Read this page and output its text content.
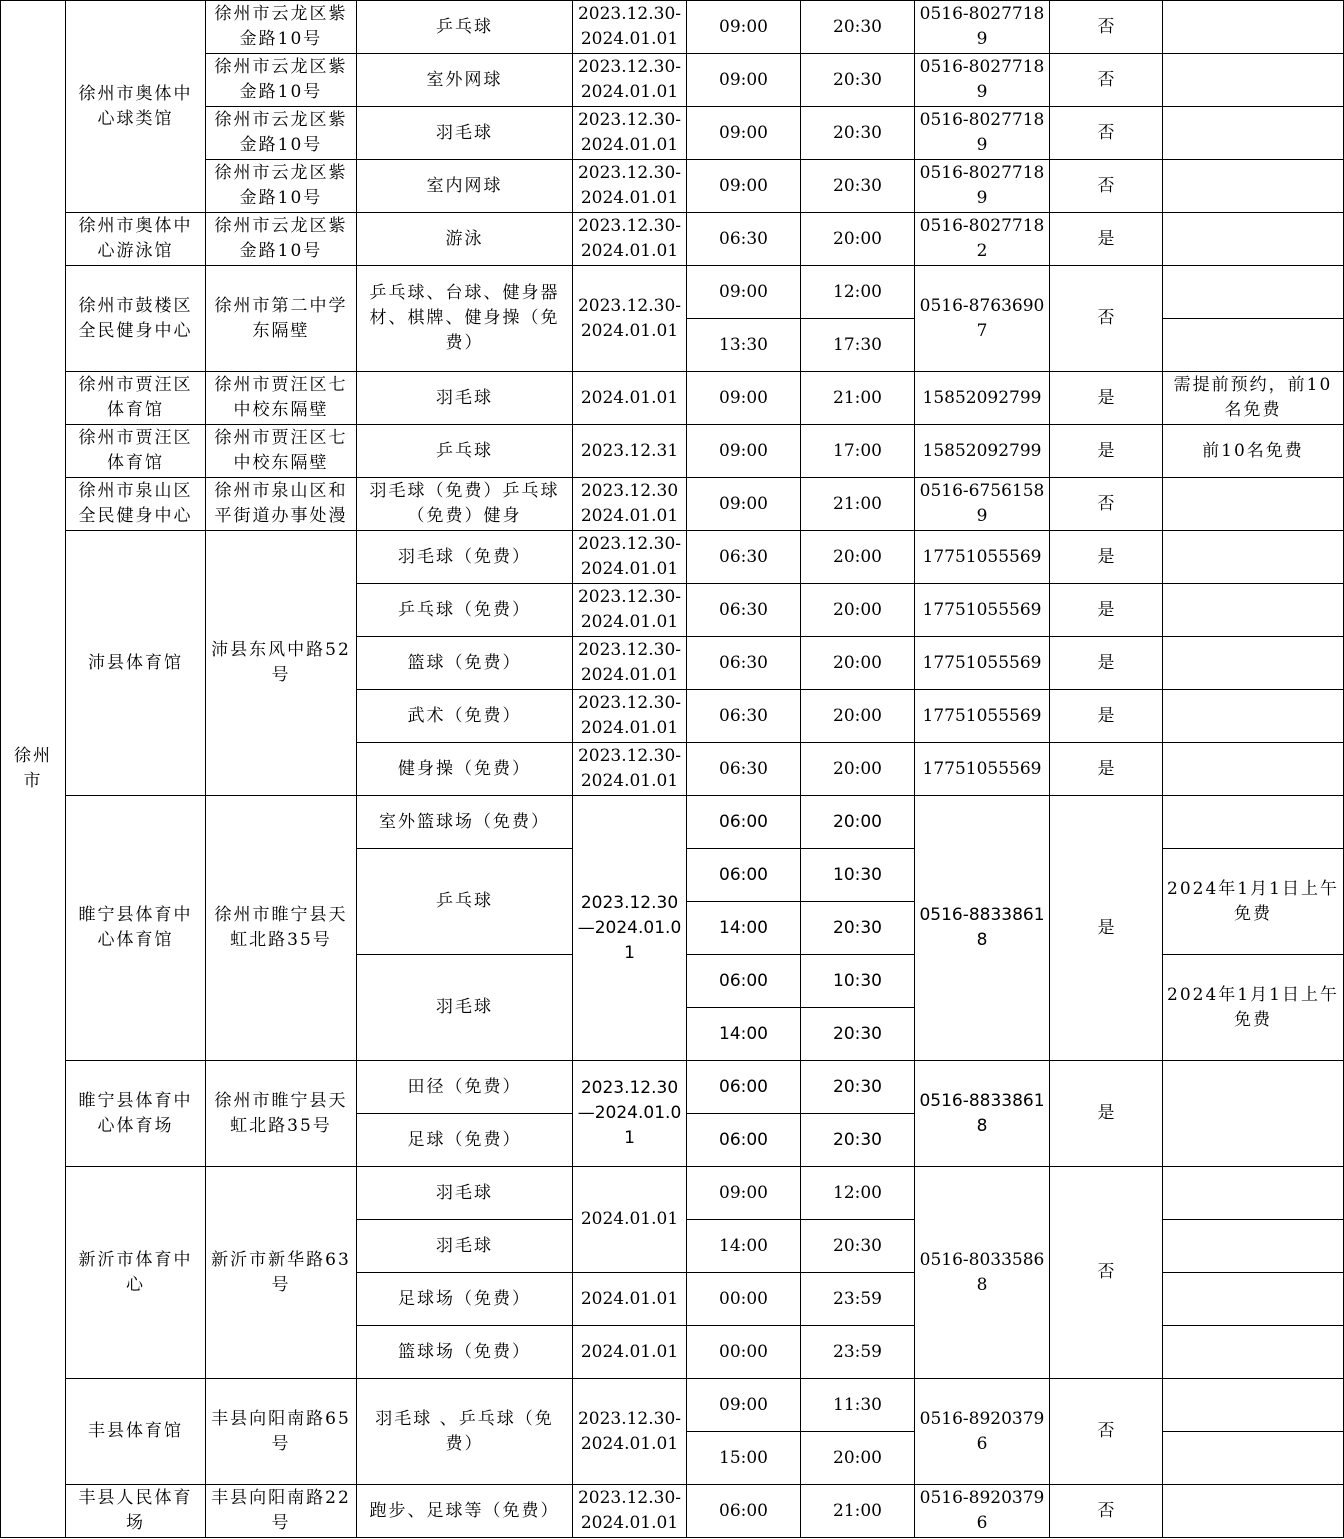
徐州市	徐州市奥体中心球类馆	徐州市云龙区紫金路10号	乒乓球	2023.12.30-2024.01.01	09:00	20:30	0516-80277189	否	
		徐州市云龙区紫金路10号	室外网球	2023.12.30-2024.01.01	09:00	20:30	0516-80277189	否	
		徐州市云龙区紫金路10号	羽毛球	2023.12.30-2024.01.01	09:00	20:30	0516-80277189	否	
		徐州市云龙区紫金路10号	室内网球	2023.12.30-2024.01.01	09:00	20:30	0516-80277189	否	
	徐州市奥体中心游泳馆	徐州市云龙区紫金路10号	游泳	2023.12.30-2024.01.01	06:30	20:00	0516-80277182	是	
	徐州市鼓楼区全民健身中心	徐州市第二中学东隔壁	乒乓球、台球、健身器材、棋牌、健身操（免费）	2023.12.30-2024.01.01	09:00	12:00	0516-87636907	否	
					13:30	17:30			
	徐州市贾汪区体育馆	徐州市贾汪区七中校东隔壁	羽毛球	2024.01.01	09:00	21:00	15852092799	是	需提前预约，前10名免费
	徐州市贾汪区体育馆	徐州市贾汪区七中校东隔壁	乒乓球	2023.12.31	09:00	17:00	15852092799	是	前10名免费
	徐州市泉山区全民健身中心	徐州市泉山区和平街道办事处漫	羽毛球（免费）乒乓球（免费）健身	2023.12.30 2024.01.01	09:00	21:00	0516-67561589	否	
	沛县体育馆	沛县东风中路52号	羽毛球（免费）	2023.12.30-2024.01.01	06:30	20:00	17751055569	是	
			乒乓球（免费）	2023.12.30-2024.01.01	06:30	20:00	17751055569	是	
			篮球（免费）	2023.12.30-2024.01.01	06:30	20:00	17751055569	是	
			武术（免费）	2023.12.30-2024.01.01	06:30	20:00	17751055569	是	
			健身操（免费）	2023.12.30-2024.01.01	06:30	20:00	17751055569	是	
	睢宁县体育中心体育馆	徐州市睢宁县天虹北路35号	室外篮球场（免费）	2023.12.30—2024.01.01	06:00	20:00	0516-88338618	是	
			乒乓球		06:00	10:30			2024年1月1日上午免费
					14:00	20:30			
			羽毛球		06:00	10:30			2024年1月1日上午免费
					14:00	20:30			
	睢宁县体育中心体育场	徐州市睢宁县天虹北路35号	田径（免费）	2023.12.30—2024.01.01	06:00	20:30	0516-88338618	是	
			足球（免费）		06:00	20:30			
	新沂市体育中心	新沂市新华路63号	羽毛球	2024.01.01	09:00	12:00	0516-80335868	否	
			羽毛球		14:00	20:30			
			足球场（免费）	2024.01.01	00:00	23:59			
			篮球场（免费）	2024.01.01	00:00	23:59			
	丰县体育馆	丰县向阳南路65号	羽毛球 、乒乓球（免费）	2023.12.30-2024.01.01	09:00	11:30	0516-89203796	否	
					15:00	20:00			
	丰县人民体育场	丰县向阳南路22号	跑步、足球等（免费）	2023.12.30-2024.01.01	06:00	21:00	0516-89203796	否	
